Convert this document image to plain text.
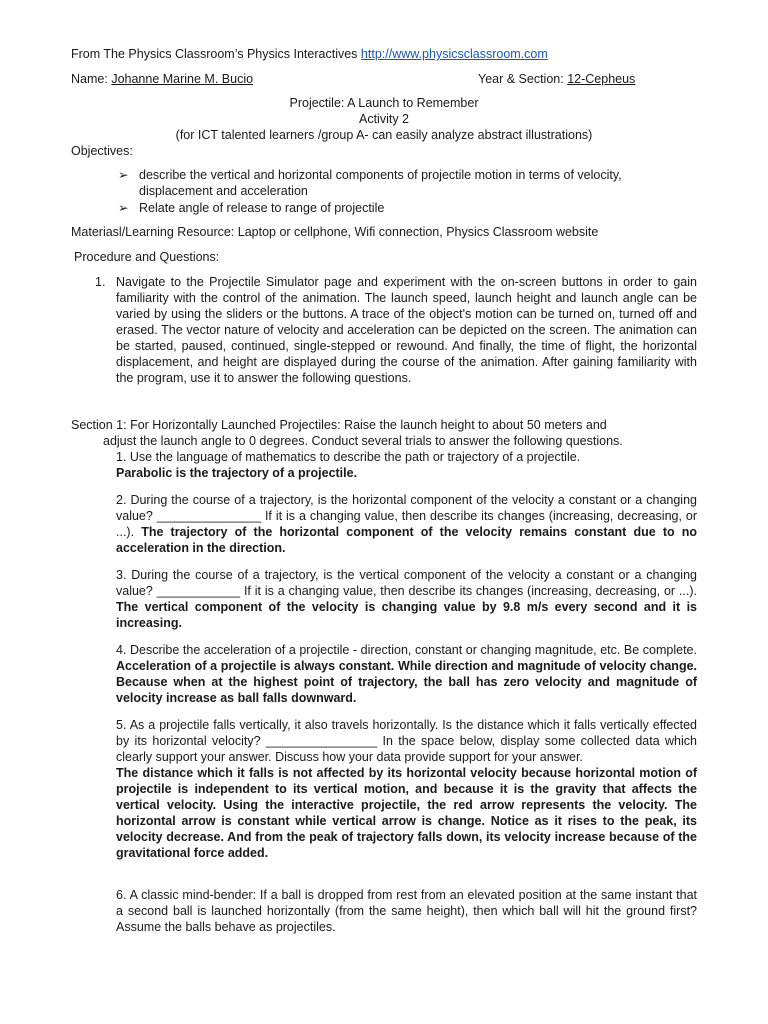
From The Physics Classroom’s Physics Interactives http://www.physicsclassroom.com
Name: Johanne Marine M. Bucio	Year & Section: 12-Cepheus
Projectile: A Launch to Remember
Activity 2
(for ICT talented learners /group A- can easily analyze abstract illustrations)
Objectives:
➢ describe the vertical and horizontal components of projectile motion in terms of velocity,
displacement and acceleration
➢ Relate angle of release to range of projectile
Materiasl/Learning Resource: Laptop or cellphone, Wifi connection, Physics Classroom website
Procedure and Questions:
1. Navigate to the Projectile Simulator page and experiment with the on-screen buttons in order to gain familiarity with the control of the animation. The launch speed, launch height and launch angle can be varied by using the sliders or the buttons. A trace of the object's motion can be turned on, turned off and erased. The vector nature of velocity and acceleration can be depicted on the screen. The animation can be started, paused, continued, single-stepped or rewound. And finally, the time of flight, the horizontal displacement, and height are displayed during the course of the animation. After gaining familiarity with the program, use it to answer the following questions.
Section 1: For Horizontally Launched Projectiles: Raise the launch height to about 50 meters and
adjust the launch angle to 0 degrees. Conduct several trials to answer the following questions.

1. Use the language of mathematics to describe the path or trajectory of a projectile.

Parabolic is the trajectory of a projectile.

2. During the course of a trajectory, is the horizontal component of the velocity a constant or a changing value? _______________ If it is a changing value, then describe its changes (increasing, decreasing, or ...). The trajectory of the horizontal component of the velocity remains constant due to no acceleration in the direction.
3. During the course of a trajectory, is the vertical component of the velocity a constant or a changing value? ____________ If it is a changing value, then describe its changes (increasing, decreasing, or ...). The vertical component of the velocity is changing value by 9.8 m/s every second and it is increasing.
4. Describe the acceleration of a projectile - direction, constant or changing magnitude, etc. Be complete. Acceleration of a projectile is always constant. While direction and magnitude of velocity change. Because when at the highest point of trajectory, the ball has zero velocity and magnitude of velocity increase as ball falls downward.

5. As a projectile falls vertically, it also travels horizontally. Is the distance which it falls vertically effected by its horizontal velocity? ________________ In the space below, display some collected data which clearly support your answer. Discuss how your data provide support for your answer.

The distance which it falls is not affected by its horizontal velocity because horizontal motion of projectile is independent to its vertical motion, and because it is the gravity that affects the vertical velocity. Using the interactive projectile, the red arrow represents the velocity. The horizontal arrow is constant while vertical arrow is change. Notice as it rises to the peak, its velocity decrease. And from the peak of trajectory falls down, its velocity increase because of the gravitational force added.

6. A classic mind-bender: If a ball is dropped from rest from an elevated position at the same instant that a second ball is launched horizontally (from the same height), then which ball will hit the ground first? Assume the balls behave as projectiles.
